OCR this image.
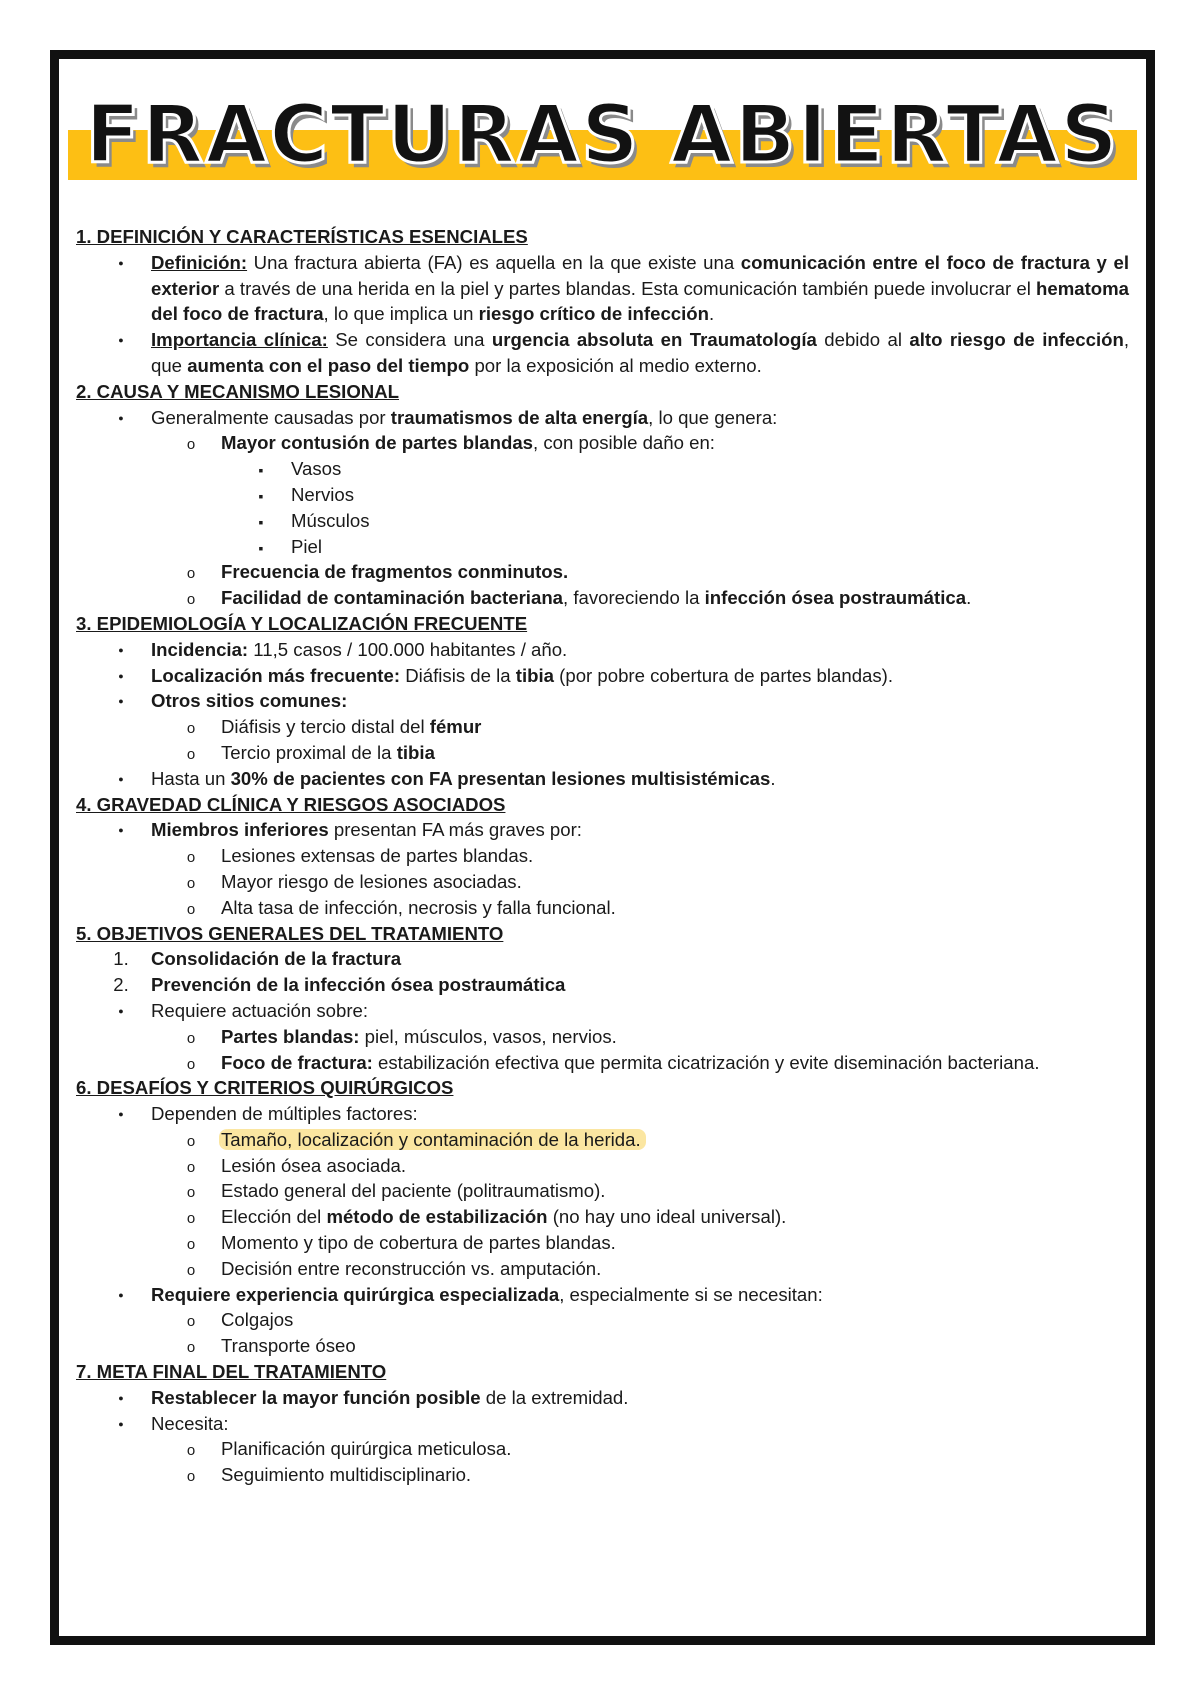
FRACTURAS ABIERTAS
1. DEFINICIÓN Y CARACTERÍSTICAS ESENCIALES
●
Definición: Una fractura abierta (FA) es aquella en la que existe una comunicación entre el foco de fractura y el exterior a través de una herida en la piel y partes blandas. Esta comunicación también puede involucrar el hematoma del foco de fractura, lo que implica un riesgo crítico de infección.
●
Importancia clínica: Se considera una urgencia absoluta en Traumatología debido al alto riesgo de infección, que aumenta con el paso del tiempo por la exposición al medio externo.
2. CAUSA Y MECANISMO LESIONAL
●
Generalmente causadas por traumatismos de alta energía, lo que genera:
o
Mayor contusión de partes blandas, con posible daño en:
▪
Vasos
▪
Nervios
▪
Músculos
▪
Piel
o
Frecuencia de fragmentos conminutos.
o
Facilidad de contaminación bacteriana, favoreciendo la infección ósea postraumática.
3. EPIDEMIOLOGÍA Y LOCALIZACIÓN FRECUENTE
●
Incidencia: 11,5 casos / 100.000 habitantes / año.
●
Localización más frecuente: Diáfisis de la tibia (por pobre cobertura de partes blandas).
●
Otros sitios comunes:
o
Diáfisis y tercio distal del fémur
o
Tercio proximal de la tibia
●
Hasta un 30% de pacientes con FA presentan lesiones multisistémicas.
4. GRAVEDAD CLÍNICA Y RIESGOS ASOCIADOS
●
Miembros inferiores presentan FA más graves por:
o
Lesiones extensas de partes blandas.
o
Mayor riesgo de lesiones asociadas.
o
Alta tasa de infección, necrosis y falla funcional.
5. OBJETIVOS GENERALES DEL TRATAMIENTO
1.	Consolidación de la fractura
2.	Prevención de la infección ósea postraumática
●
Requiere actuación sobre:
o
Partes blandas: piel, músculos, vasos, nervios.
o
Foco de fractura: estabilización efectiva que permita cicatrización y evite diseminación bacteriana.
6. DESAFÍOS Y CRITERIOS QUIRÚRGICOS
●
Dependen de múltiples factores:
o
Tamaño, localización y contaminación de la herida.
o
Lesión ósea asociada.
o
Estado general del paciente (politraumatismo).
o
Elección del método de estabilización (no hay uno ideal universal).
o
Momento y tipo de cobertura de partes blandas.
o
Decisión entre reconstrucción vs. amputación.
●
Requiere experiencia quirúrgica especializada, especialmente si se necesitan:
o
Colgajos
o
Transporte óseo
7. META FINAL DEL TRATAMIENTO
●
Restablecer la mayor función posible de la extremidad.
●
Necesita:
o
Planificación quirúrgica meticulosa.
o
Seguimiento multidisciplinario.
